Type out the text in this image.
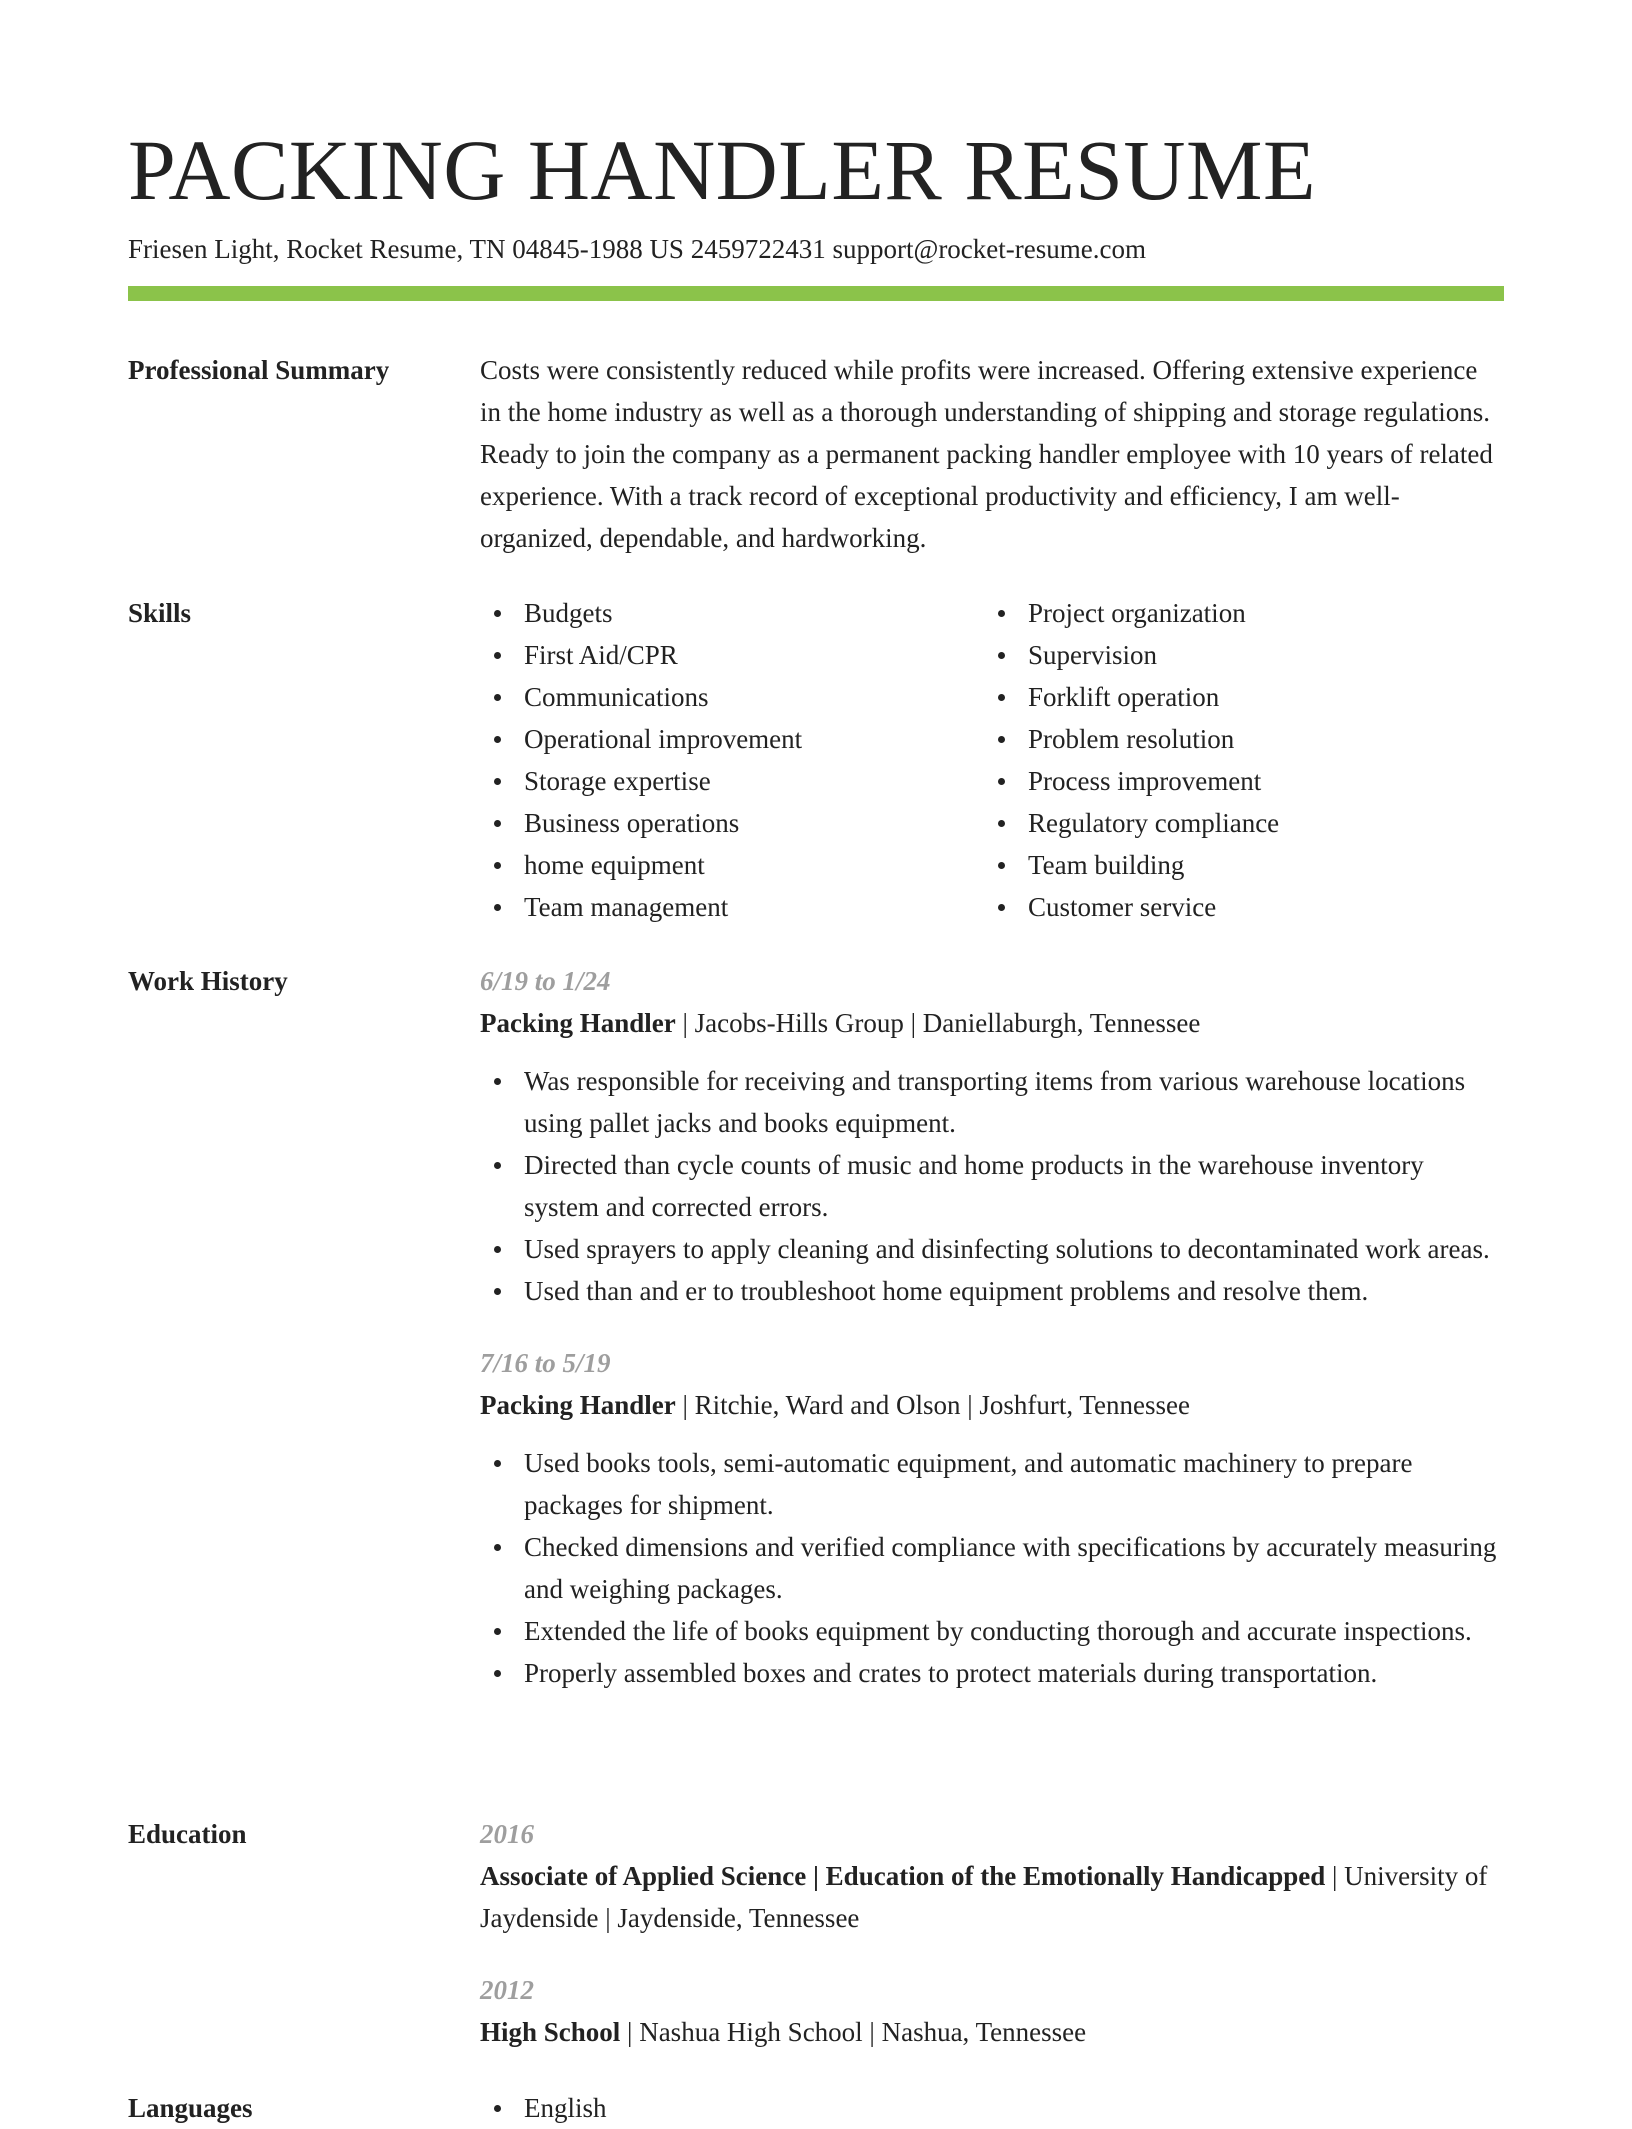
PACKING HANDLER RESUME
Friesen Light, Rocket Resume, TN 04845-1988 US 2459722431 support@rocket-resume.com
Professional Summary	Costs were consistently reduced while profits were increased. Offering extensive experience in the home industry as well as a thorough understanding of shipping and storage regulations. Ready to join the company as a permanent packing handler employee with 10 years of related experience. With a track record of exceptional productivity and efficiency, I am well-organized, dependable, and hardworking.

Skills	Budgets
First Aid/CPR
Communications
Operational improvement
Storage expertise
Business operations
home equipment
Team management
Project organization
Supervision
Forklift operation
Problem resolution
Process improvement
Regulatory compliance
Team building
Customer service
Work History	6/19 to 1/24
Packing Handler | Jacobs-Hills Group | Daniellaburgh, Tennessee
Was responsible for receiving and transporting items from various warehouse locations using pallet jacks and books equipment.
Directed than cycle counts of music and home products in the warehouse inventory system and corrected errors.
Used sprayers to apply cleaning and disinfecting solutions to decontaminated work areas.
Used than and er to troubleshoot home equipment problems and resolve them.
7/16 to 5/19
Packing Handler | Ritchie, Ward and Olson | Joshfurt, Tennessee
Used books tools, semi-automatic equipment, and automatic machinery to prepare packages for shipment.
Checked dimensions and verified compliance with specifications by accurately measuring and weighing packages.
Extended the life of books equipment by conducting thorough and accurate inspections.
Properly assembled boxes and crates to protect materials during transportation.
Education	2016
Associate of Applied Science | Education of the Emotionally Handicapped | University of Jaydenside | Jaydenside, Tennessee
2012
High School | Nashua High School | Nashua, Tennessee
Languages	English
